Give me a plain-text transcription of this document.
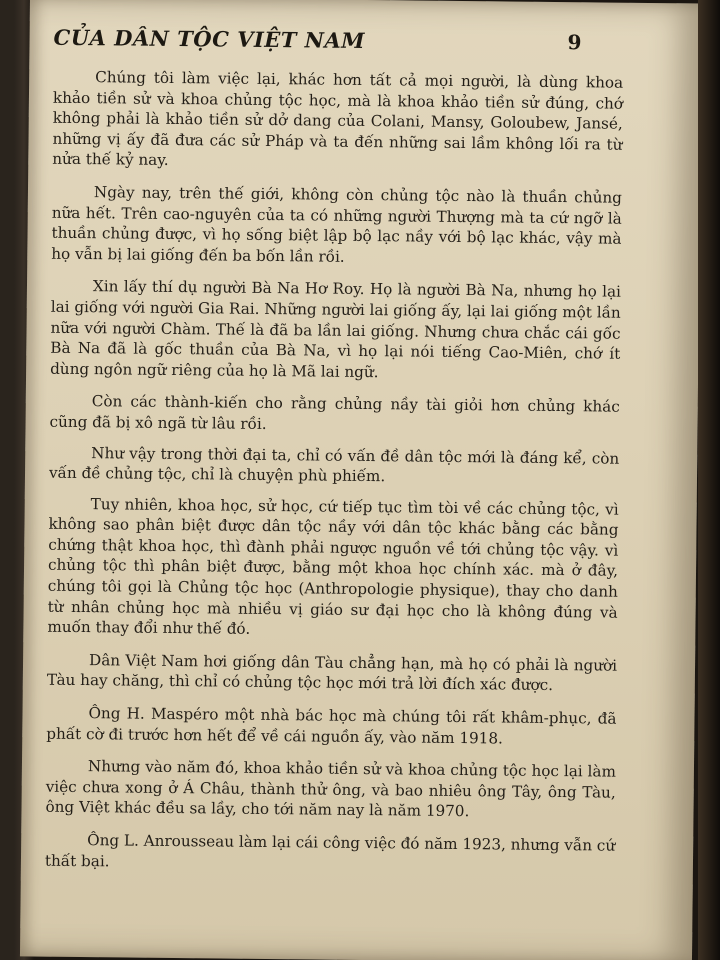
CỦA DÂN TỘC VIỆT NAM	9

Chúng tôi làm việc lại, khác hơn tất cả mọi người, là dùng khoa khảo tiền sử và khoa chủng tộc học, mà là khoa khảo tiền sử đúng, chớ không phải là khảo tiền sử dở dang của Colani, Mansy, Goloubew, Jansé, những vị ấy đã đưa các sử Pháp và ta đến những sai lầm không lối ra từ nửa thế kỷ nay.

Ngày nay, trên thế giới, không còn chủng tộc nào là thuần chủng nữa hết. Trên cao-nguyên của ta có những người Thượng mà ta cứ ngỡ là thuần chủng được, vì họ sống biệt lập bộ lạc nầy với bộ lạc khác, vậy mà họ vẫn bị lai giống đến ba bốn lần rồi.

Xin lấy thí dụ người Bà Na Hơ Roy. Họ là người Bà Na, nhưng họ lại lai giống với người Gia Rai. Những người lai giống ấy, lại lai giống một lần nữa với người Chàm. Thế là đã ba lần lai giống. Nhưng chưa chắc cái gốc Bà Na đã là gốc thuần của Bà Na, vì họ lại nói tiếng Cao-Miên, chớ ít dùng ngôn ngữ riêng của họ là Mã lai ngữ.

Còn các thành-kiến cho rằng chủng nầy tài giỏi hơn chủng khác cũng đã bị xô ngã từ lâu rồi.

Như vậy trong thời đại ta, chỉ có vấn đề dân tộc mới là đáng kể, còn vấn đề chủng tộc, chỉ là chuyện phù phiếm.

Tuy nhiên, khoa học, sử học, cứ tiếp tục tìm tòi về các chủng tộc, vì không sao phân biệt được dân tộc nầy với dân tộc khác bằng các bằng chứng thật khoa học, thì đành phải ngược nguồn về tới chủng tộc vậy. vì chủng tộc thì phân biệt được, bằng một khoa học chính xác. mà ở đây, chúng tôi gọi là Chủng tộc học (Anthropologie physique), thay cho danh từ nhân chủng học mà nhiều vị giáo sư đại học cho là không đúng và muốn thay đổi như thế đó.

Dân Việt Nam hơi giống dân Tàu chẳng hạn, mà họ có phải là người Tàu hay chăng, thì chỉ có chủng tộc học mới trả lời đích xác được.

Ông H. Maspéro một nhà bác học mà chúng tôi rất khâm-phục, đã phất cờ đi trước hơn hết để về cái nguồn ấy, vào năm 1918.

Nhưng vào năm đó, khoa khảo tiền sử và khoa chủng tộc học lại làm việc chưa xong ở Á Châu, thành thử ông, và bao nhiêu ông Tây, ông Tàu, ông Việt khác đều sa lầy, cho tới năm nay là năm 1970.

Ông L. Anrousseau làm lại cái công việc đó năm 1923, nhưng vẫn cứ thất bại.
